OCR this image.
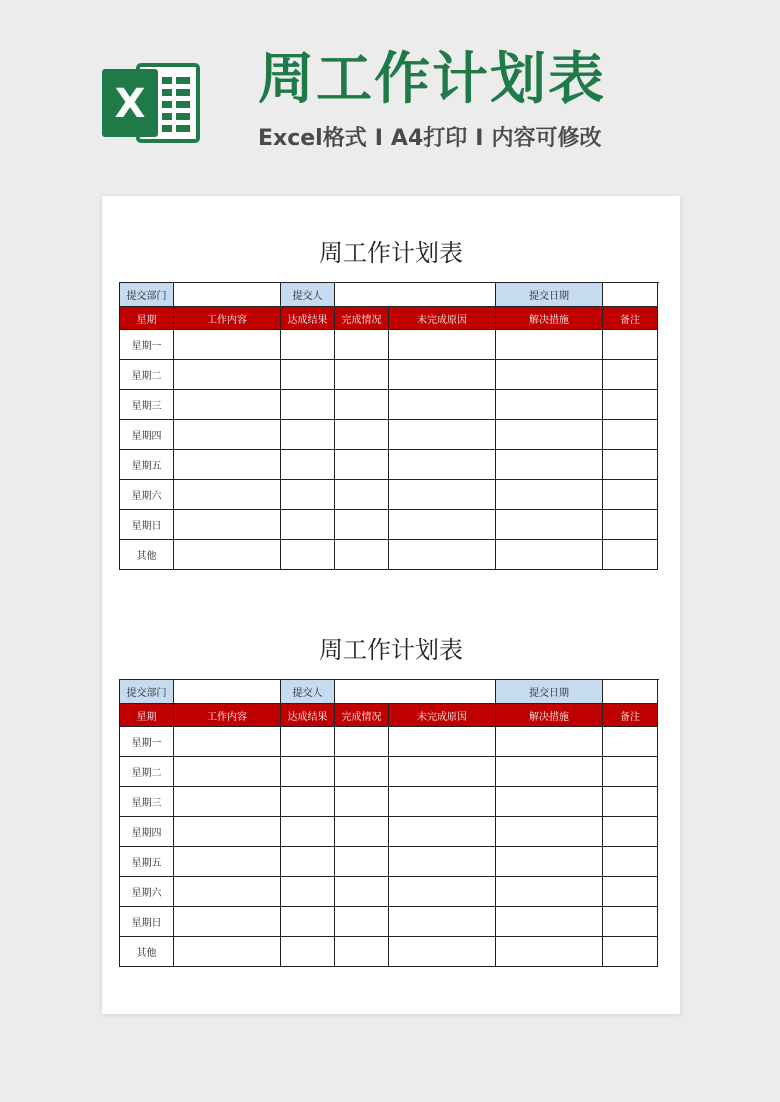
X 周工作计划表
Excel格式 I A4打印 I 内容可修改
周工作计划表
提交部门		提交人			提交日期	
星期	工作内容	达成结果	完成情况	未完成原因	解决措施	备注
星期一						
星期二						
星期三						
星期四						
星期五						
星期六						
星期日						
其他						
周工作计划表
提交部门		提交人			提交日期	
星期	工作内容	达成结果	完成情况	未完成原因	解决措施	备注
星期一						
星期二						
星期三						
星期四						
星期五						
星期六						
星期日						
其他						
